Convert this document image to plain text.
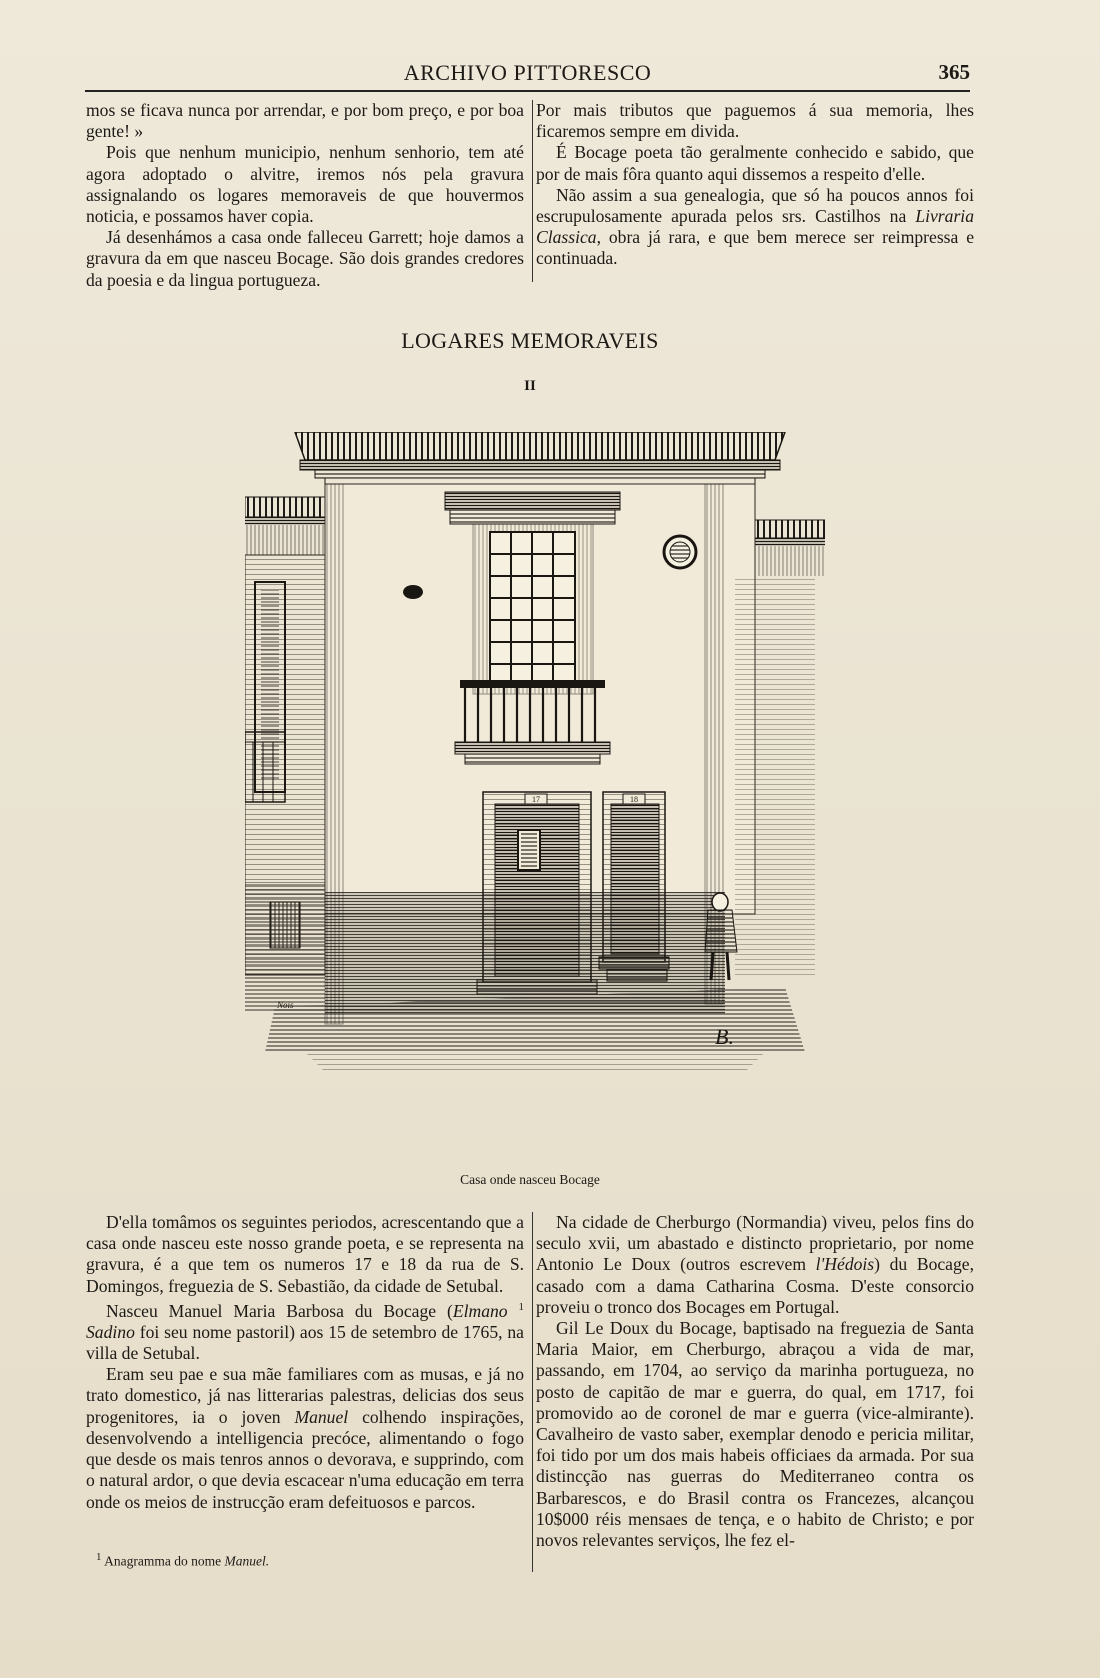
ARCHIVO PITTORESCO	365

mos se ficava nunca por arrendar, e por bom preço, e por boa gente! »

Pois que nenhum municipio, nenhum senhorio, tem até agora adoptado o alvitre, iremos nós pela gravura assignalando os logares memoraveis de que houvermos noticia, e possamos haver copia.

Já desenhámos a casa onde falleceu Garrett; hoje damos a gravura da em que nasceu Bocage. São dois grandes credores da poesia e da lingua portugueza.

Por mais tributos que paguemos á sua memoria, lhes ficaremos sempre em divida.

É Bocage poeta tão geralmente conhecido e sabido, que por de mais fôra quanto aqui dissemos a respeito d'elle.

Não assim a sua genealogia, que só ha poucos annos foi escrupulosamente apurada pelos srs. Castilhos na Livraria Classica, obra já rara, e que bem merece ser reimpressa e continuada.

LOGARES MEMORAVEIS
II
17	18
B.
Nois
Casa onde nasceu Bocage

D'ella tomâmos os seguintes periodos, acrescentando que a casa onde nasceu este nosso grande poeta, e se representa na gravura, é a que tem os numeros 17 e 18 da rua de S. Domingos, freguezia de S. Sebastião, da cidade de Setubal.

Nasceu Manuel Maria Barbosa du Bocage (Elmano $^1$ Sadino foi seu nome pastoril) aos 15 de setembro de 1765, na villa de Setubal.

Eram seu pae e sua mãe familiares com as musas, e já no trato domestico, já nas litterarias palestras, delicias dos seus progenitores, ia o joven Manuel colhendo inspirações, desenvolvendo a intelligencia precóce, alimentando o fogo que desde os mais tenros annos o devorava, e supprindo, com o natural ardor, o que devia escacear n'uma educação em terra onde os meios de instrucção eram defeituosos e parcos.

Na cidade de Cherburgo (Normandia) viveu, pelos fins do seculo xvii, um abastado e distincto proprietario, por nome Antonio Le Doux (outros escrevem l'Hédois) du Bocage, casado com a dama Catharina Cosma. D'este consorcio proveiu o tronco dos Bocages em Portugal.

Gil Le Doux du Bocage, baptisado na freguezia de Santa Maria Maior, em Cherburgo, abraçou a vida de mar, passando, em 1704, ao serviço da marinha portugueza, no posto de capitão de mar e guerra, do qual, em 1717, foi promovido ao de coronel de mar e guerra (vice-almirante). Cavalheiro de vasto saber, exemplar denodo e pericia militar, foi tido por um dos mais habeis officiaes da armada. Por sua distincção nas guerras do Mediterraneo contra os Barbarescos, e do Brasil contra os Francezes, alcançou 10$000 réis mensaes de tença, e o habito de Christo; e por novos relevantes serviços, lhe fez el-

$^1$ Anagramma do nome Manuel.
